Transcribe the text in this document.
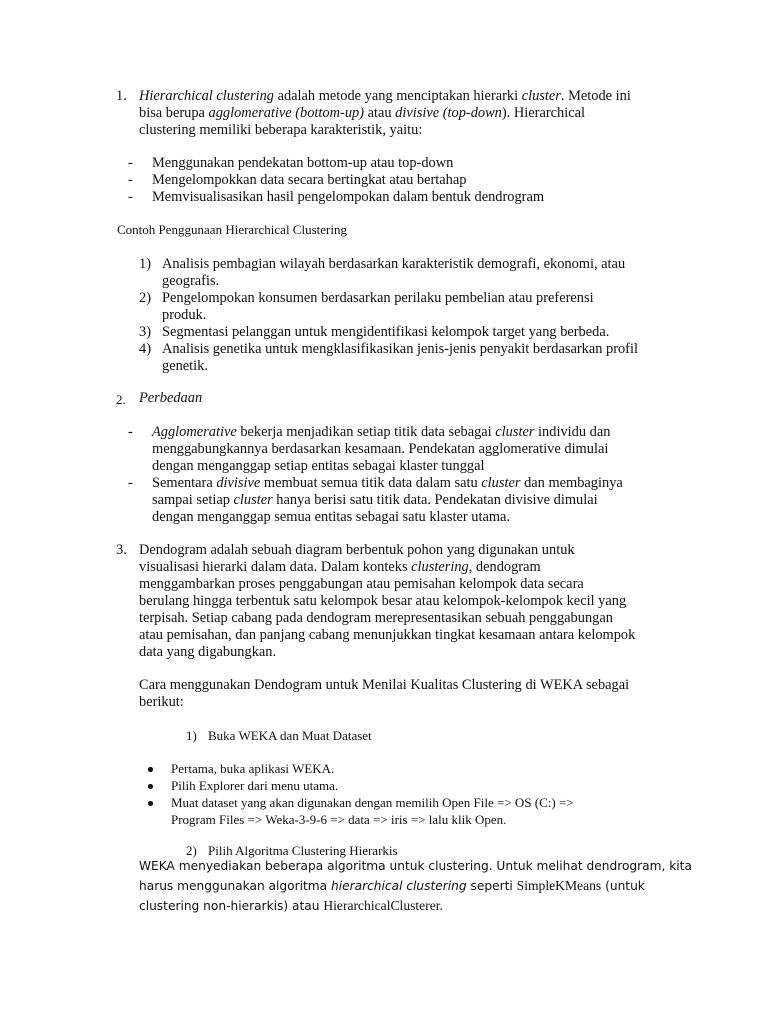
1. Hierarchical clustering adalah metode yang menciptakan hierarki cluster. Metode ini
bisa berupa agglomerative (bottom-up) atau divisive (top-down). Hierarchical
clustering memiliki beberapa karakteristik, yaitu:
- Menggunakan pendekatan bottom-up atau top-down
- Mengelompokkan data secara bertingkat atau bertahap
- Memvisualisasikan hasil pengelompokan dalam bentuk dendrogram
Contoh Penggunaan Hierarchical Clustering
1) Analisis pembagian wilayah berdasarkan karakteristik demografi, ekonomi, atau
geografis.
2) Pengelompokan konsumen berdasarkan perilaku pembelian atau preferensi
produk.
3) Segmentasi pelanggan untuk mengidentifikasi kelompok target yang berbeda.
4) Analisis genetika untuk mengklasifikasikan jenis-jenis penyakit berdasarkan profil
genetik.
2. Perbedaan
- Agglomerative bekerja menjadikan setiap titik data sebagai cluster individu dan
menggabungkannya berdasarkan kesamaan. Pendekatan agglomerative dimulai
dengan menganggap setiap entitas sebagai klaster tunggal
- Sementara divisive membuat semua titik data dalam satu cluster dan membaginya
sampai setiap cluster hanya berisi satu titik data. Pendekatan divisive dimulai
dengan menganggap semua entitas sebagai satu klaster utama.
3. Dendogram adalah sebuah diagram berbentuk pohon yang digunakan untuk
visualisasi hierarki dalam data. Dalam konteks clustering, dendogram
menggambarkan proses penggabungan atau pemisahan kelompok data secara
berulang hingga terbentuk satu kelompok besar atau kelompok-kelompok kecil yang
terpisah. Setiap cabang pada dendogram merepresentasikan sebuah penggabungan
atau pemisahan, dan panjang cabang menunjukkan tingkat kesamaan antara kelompok
data yang digabungkan.
Cara menggunakan Dendogram untuk Menilai Kualitas Clustering di WEKA sebagai
berikut:
1) Buka WEKA dan Muat Dataset
Pertama, buka aplikasi WEKA.
Pilih Explorer dari menu utama.
Muat dataset yang akan digunakan dengan memilih Open File => OS (C:) =>
Program Files => Weka-3-9-6 => data => iris => lalu klik Open.
2) Pilih Algoritma Clustering Hierarkis
WEKA menyediakan beberapa algoritma untuk clustering. Untuk melihat dendrogram, kita
harus menggunakan algoritma hierarchical clustering seperti SimpleKMeans (untuk
clustering non-hierarkis) atau HierarchicalClusterer.
